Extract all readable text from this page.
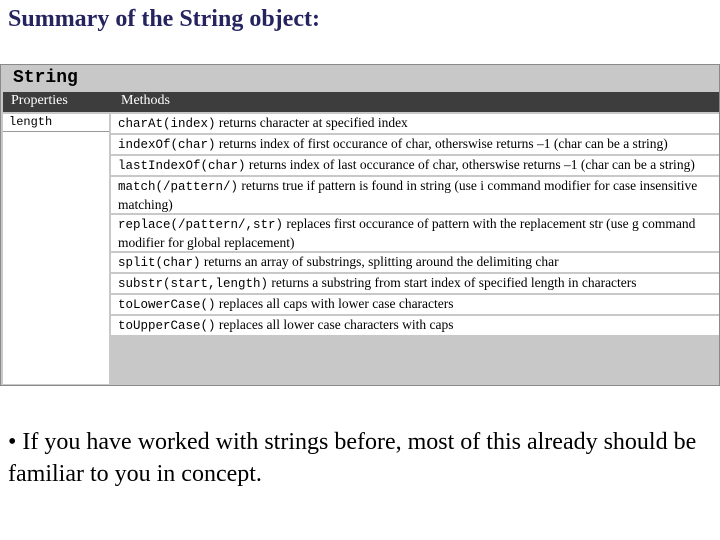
Summary of the String object:
String
Properties	Methods
length	charAt(index) returns character at specified index
indexOf(char) returns index of first occurance of char, otherswise returns –1 (char can be a string)
lastIndexOf(char) returns index of last occurance of char, otherswise returns –1 (char can be a string)
match(/pattern/) returns true if pattern is found in string (use i command modifier for case insensitive matching)
replace(/pattern/,str) replaces first occurance of pattern with the replacement str (use g command modifier for global replacement)
split(char) returns an array of substrings, splitting around the delimiting char
substr(start,length) returns a substring from start index of specified length in characters
toLowerCase() replaces all caps with lower case characters
toUpperCase() replaces all lower case characters with caps
• If you have worked with strings before, most of this already should be familiar to you in concept.
